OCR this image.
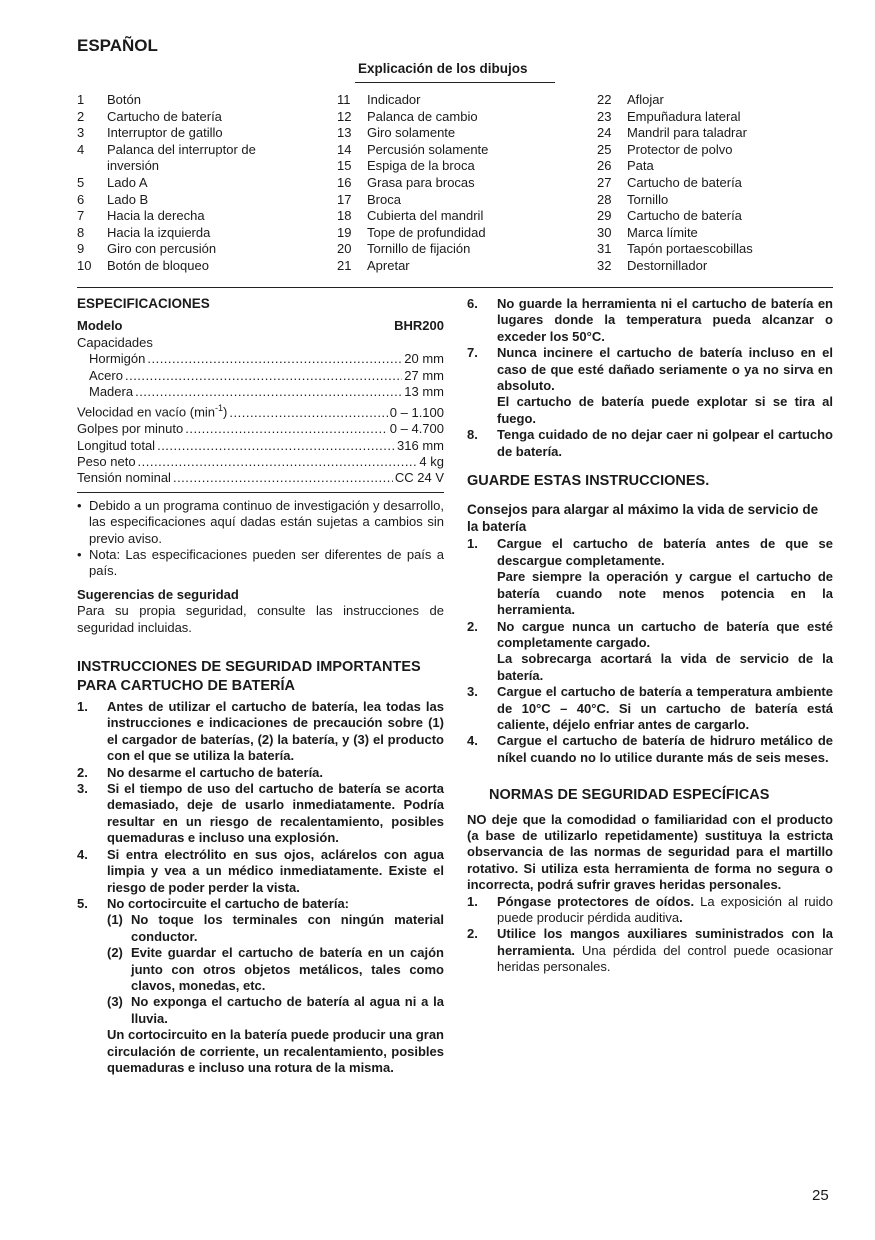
ESPAÑOL
Explicación de los dibujos
1	Botón
2	Cartucho de batería
3	Interruptor de gatillo
4	Palanca del interruptor de inversión
5	Lado A
6	Lado B
7	Hacia la derecha
8	Hacia la izquierda
9	Giro con percusión
10	Botón de bloqueo
11	Indicador
12	Palanca de cambio
13	Giro solamente
14	Percusión solamente
15	Espiga de la broca
16	Grasa para brocas
17	Broca
18	Cubierta del mandril
19	Tope de profundidad
20	Tornillo de fijación
21	Apretar
22	Aflojar
23	Empuñadura lateral
24	Mandril para taladrar
25	Protector de polvo
26	Pata
27	Cartucho de batería
28	Tornillo
29	Cartucho de batería
30	Marca límite
31	Tapón portaescobillas
32	Destornillador
ESPECIFICACIONES
Modelo	BHR200
Capacidades
Hormigón .....	20 mm
Acero .....	27 mm
Madera .....	13 mm
Velocidad en vacío $(\min^{-1})$ .....	0 – 1.100
Golpes por minuto .....	0 – 4.700
Longitud total .....	316 mm
Peso neto .....	4 kg
Tensión nominal .....	CC 24 V
• Debido a un programa continuo de investigación y desarrollo, las especificaciones aquí dadas están sujetas a cambios sin previo aviso.
• Nota: Las especificaciones pueden ser diferentes de país a país.
Sugerencias de seguridad
Para su propia seguridad, consulte las instrucciones de seguridad incluidas.
INSTRUCCIONES DE SEGURIDAD IMPORTANTES PARA CARTUCHO DE BATERÍA
1.	Antes de utilizar el cartucho de batería, lea todas las instrucciones e indicaciones de precaución sobre (1) el cargador de baterías, (2) la batería, y (3) el producto con el que se utiliza la batería.
2.	No desarme el cartucho de batería.
3.	Si el tiempo de uso del cartucho de batería se acorta demasiado, deje de usarlo inmediatamente. Podría resultar en un riesgo de recalentamiento, posibles quemaduras e incluso una explosión.
4.	Si entra electrólito en sus ojos, aclárelos con agua limpia y vea a un médico inmediatamente. Existe el riesgo de poder perder la vista.
5.	No cortocircuite el cartucho de batería:
(1) No toque los terminales con ningún material conductor.
(2) Evite guardar el cartucho de batería en un cajón junto con otros objetos metálicos, tales como clavos, monedas, etc.
(3) No exponga el cartucho de batería al agua ni a la lluvia.
Un cortocircuito en la batería puede producir una gran circulación de corriente, un recalentamiento, posibles quemaduras e incluso una rotura de la misma.
6.	No guarde la herramienta ni el cartucho de batería en lugares donde la temperatura pueda alcanzar o exceder los 50°C.
7.	Nunca incinere el cartucho de batería incluso en el caso de que esté dañado seriamente o ya no sirva en absoluto.
El cartucho de batería puede explotar si se tira al fuego.
8.	Tenga cuidado de no dejar caer ni golpear el cartucho de batería.
GUARDE ESTAS INSTRUCCIONES.
Consejos para alargar al máximo la vida de servicio de la batería
1.	Cargue el cartucho de batería antes de que se descargue completamente.
Pare siempre la operación y cargue el cartucho de batería cuando note menos potencia en la herramienta.
2.	No cargue nunca un cartucho de batería que esté completamente cargado.
La sobrecarga acortará la vida de servicio de la batería.
3.	Cargue el cartucho de batería a temperatura ambiente de 10°C – 40°C. Si un cartucho de batería está caliente, déjelo enfriar antes de cargarlo.
4.	Cargue el cartucho de batería de hidruro metálico de níkel cuando no lo utilice durante más de seis meses.
NORMAS DE SEGURIDAD ESPECÍFICAS
NO deje que la comodidad o familiaridad con el producto (a base de utilizarlo repetidamente) sustituya la estricta observancia de las normas de seguridad para el martillo rotativo. Si utiliza esta herramienta de forma no segura o incorrecta, podrá sufrir graves heridas personales.
1.	Póngase protectores de oídos. La exposición al ruido puede producir pérdida auditiva.
2.	Utilice los mangos auxiliares suministrados con la herramienta. Una pérdida del control puede ocasionar heridas personales.
25
